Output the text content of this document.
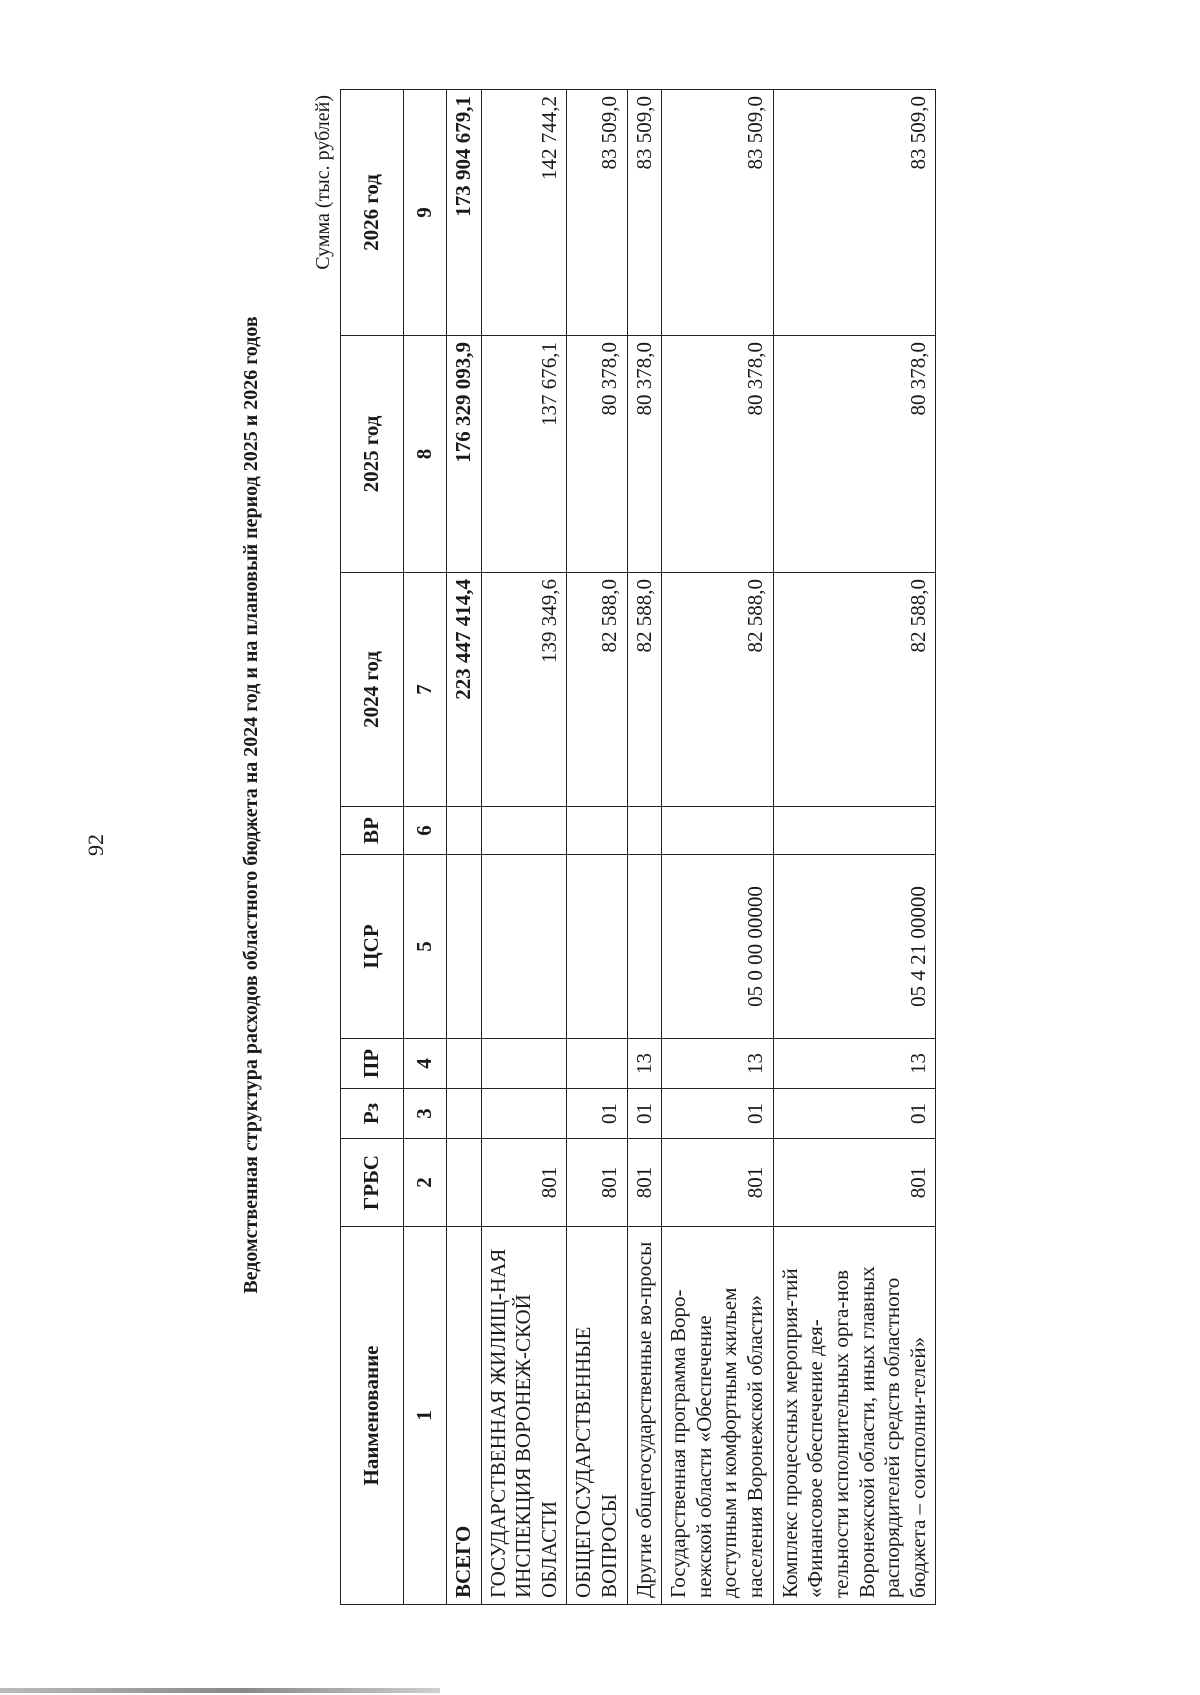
92	Ведомственная структура расходов областного бюджета на 2024 год и на плановый период 2025 и 2026 годов
Сумма (тыс. рублей)
Наименование	ГРБС	Рз	ПР	ЦСР	ВР	2024 год	2025 год	2026 год
1	2	3	4	5	6	7	8	9
ВСЕГО						223 447 414,4	176 329 093,9	173 904 679,1
ГОСУДАРСТВЕННАЯ ЖИЛИЩ-НАЯ ИНСПЕКЦИЯ ВОРОНЕЖ-СКОЙ ОБЛАСТИ	801					139 349,6	137 676,1	142 744,2
ОБЩЕГОСУДАРСТВЕННЫЕ ВОПРОСЫ	801	01				82 588,0	80 378,0	83 509,0
Другие общегосударственные во-просы	801	01	13			82 588,0	80 378,0	83 509,0
Государственная программа Воро-нежской области «Обеспечение доступным и комфортным жильем населения Воронежской области»	801	01	13	05 0 00 00000		82 588,0	80 378,0	83 509,0
Комплекс процессных мероприя-тий «Финансовое обеспечение дея-тельности исполнительных орга-нов Воронежской области, иных главных распорядителей средств областного бюджета – соисполни-телей»	801	01	13	05 4 21 00000		82 588,0	80 378,0	83 509,0
